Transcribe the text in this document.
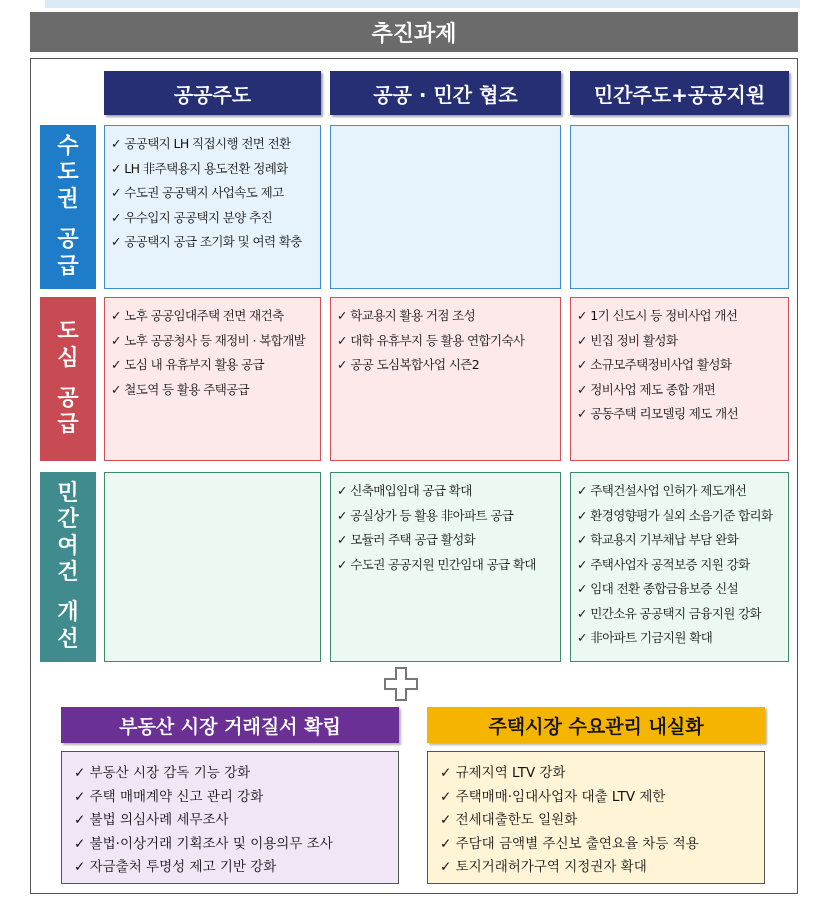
추진과제
공공주도	공공 · 민간 협조	민간주도+공공지원
수
도
권
공
급
✓ 공공택지 LH 직접시행 전면 전환
✓ LH 非주택용지 용도전환 정례화
✓ 수도권 공공택지 사업속도 제고
✓ 우수입지 공공택지 분양 추진
✓ 공공택지 공급 조기화 및 여력 확충
도
심
공
급
✓ 노후 공공임대주택 전면 재건축
✓ 노후 공공청사 등 재정비 · 복합개발
✓ 도심 내 유휴부지 활용 공급
✓ 철도역 등 활용 주택공급
✓ 학교용지 활용 거점 조성
✓ 대학 유휴부지 등 활용 연합기숙사
✓ 공공 도심복합사업 시즌2
✓ 1기 신도시 등 정비사업 개선
✓ 빈집 정비 활성화
✓ 소규모주택정비사업 활성화
✓ 정비사업 제도 종합 개편
✓ 공동주택 리모델링 제도 개선
민
간
여
건
개
선
✓ 신축매입임대 공급 확대
✓ 공실상가 등 활용 非아파트 공급
✓ 모듈러 주택 공급 활성화
✓ 수도권 공공지원 민간임대 공급 확대
✓ 주택건설사업 인허가 제도개선
✓ 환경영향평가 실외 소음기준 합리화
✓ 학교용지 기부채납 부담 완화
✓ 주택사업자 공적보증 지원 강화
✓ 임대 전환 종합금융보증 신설
✓ 민간소유 공공택지 금융지원 강화
✓ 非아파트 기금지원 확대
부동산 시장 거래질서 확립
✓ 부동산 시장 감독 기능 강화
✓ 주택 매매계약 신고 관리 강화
✓ 불법 의심사례 세무조사
✓ 불법·이상거래 기획조사 및 이용의무 조사
✓ 자금출처 투명성 제고 기반 강화
주택시장 수요관리 내실화
✓ 규제지역 LTV 강화
✓ 주택매매·임대사업자 대출 LTV 제한
✓ 전세대출한도 일원화
✓ 주담대 금액별 주신보 출연요율 차등 적용
✓ 토지거래허가구역 지정권자 확대
